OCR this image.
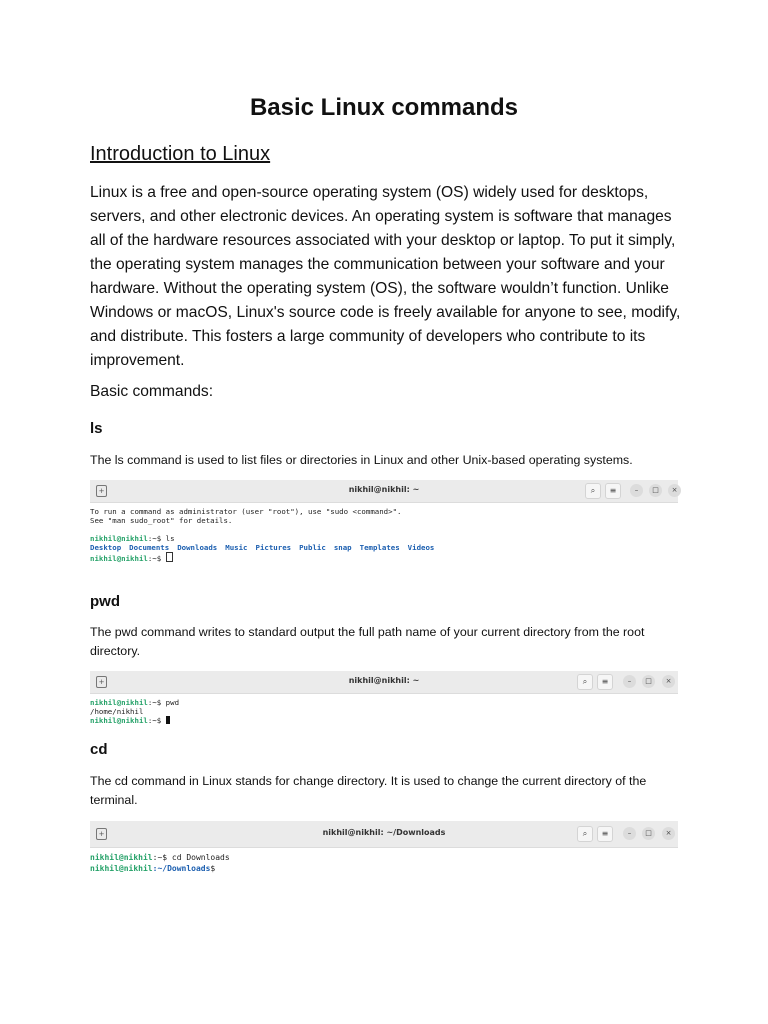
Basic Linux commands
Introduction to Linux

Linux is a free and open-source operating system (OS) widely used for desktops, servers, and other electronic devices. An operating system is software that manages all of the hardware resources associated with your desktop or laptop. To put it simply, the operating system manages the communication between your software and your hardware. Without the operating system (OS), the software wouldn’t function. Unlike Windows or macOS, Linux's source code is freely available for anyone to see, modify, and distribute. This fosters a large community of developers who contribute to its improvement.

Basic commands:

ls

The ls command is used to list files or directories in Linux and other Unix-based operating systems.

+	nikhil@nikhil: ~	⌕	≡	–	□	×
To run a command as administrator (user "root"), use "sudo <command>".
See "man sudo_root" for details.

nikhil@nikhil:~$ ls
Desktop Documents Downloads Music Pictures Public snap Templates Videos
nikhil@nikhil:~$
pwd

The pwd command writes to standard output the full path name of your current directory from the root directory.

+	nikhil@nikhil: ~	⌕	≡	–	□	×
nikhil@nikhil:~$ pwd
/home/nikhil
nikhil@nikhil:~$
cd

The cd command in Linux stands for change directory. It is used to change the current directory of the terminal.

+	nikhil@nikhil: ~/Downloads	⌕	≡	–	□	×
nikhil@nikhil:~$ cd Downloads
nikhil@nikhil:~/Downloads$
